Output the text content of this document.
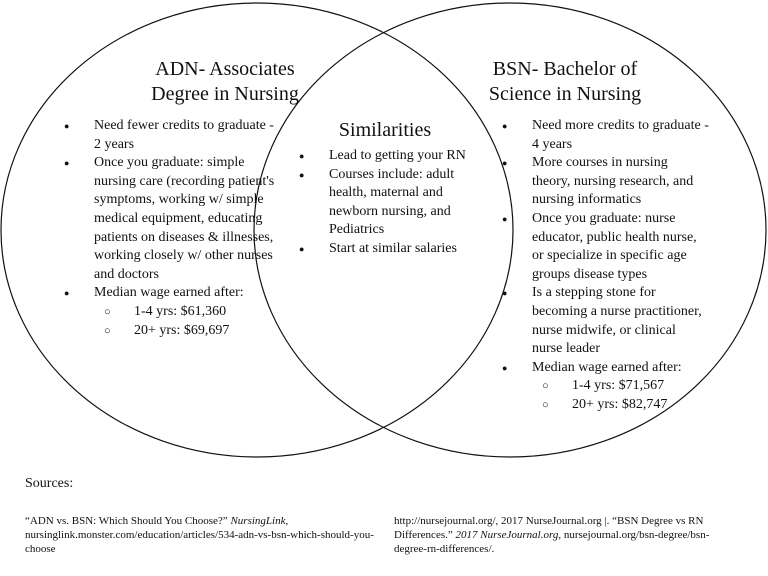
ADN- Associates
Degree in Nursing
Similarities
BSN- Bachelor of
Science in Nursing
● Need fewer credits to graduate - 2 years
● Once you graduate: simple nursing care (recording patient's symptoms, working w/ simple medical equipment, educating patients on diseases & illnesses, working closely w/ other nurses and doctors
● Median wage earned after:
○ 1-4 yrs: $61,360
○ 20+ yrs: $69,697
● Lead to getting your RN
● Courses include: adult health, maternal and newborn nursing, and Pediatrics
● Start at similar salaries
● Need more credits to graduate - 4 years
● More courses in nursing theory, nursing research, and nursing informatics
● Once you graduate: nurse educator, public health nurse, or specialize in specific age groups disease types
● Is a stepping stone for becoming a nurse practitioner, nurse midwife, or clinical nurse leader
● Median wage earned after:
○ 1-4 yrs: $71,567
○ 20+ yrs: $82,747
Sources:
“ADN vs. BSN: Which Should You Choose?” NursingLink, nursinglink.monster.com/education/articles/534-adn-vs-bsn-which-should-you-choose
http://nursejournal.org/, 2017 NurseJournal.org |. “BSN Degree vs RN Differences.” 2017 NurseJournal.org, nursejournal.org/bsn-degree/bsn-degree-rn-differences/.
